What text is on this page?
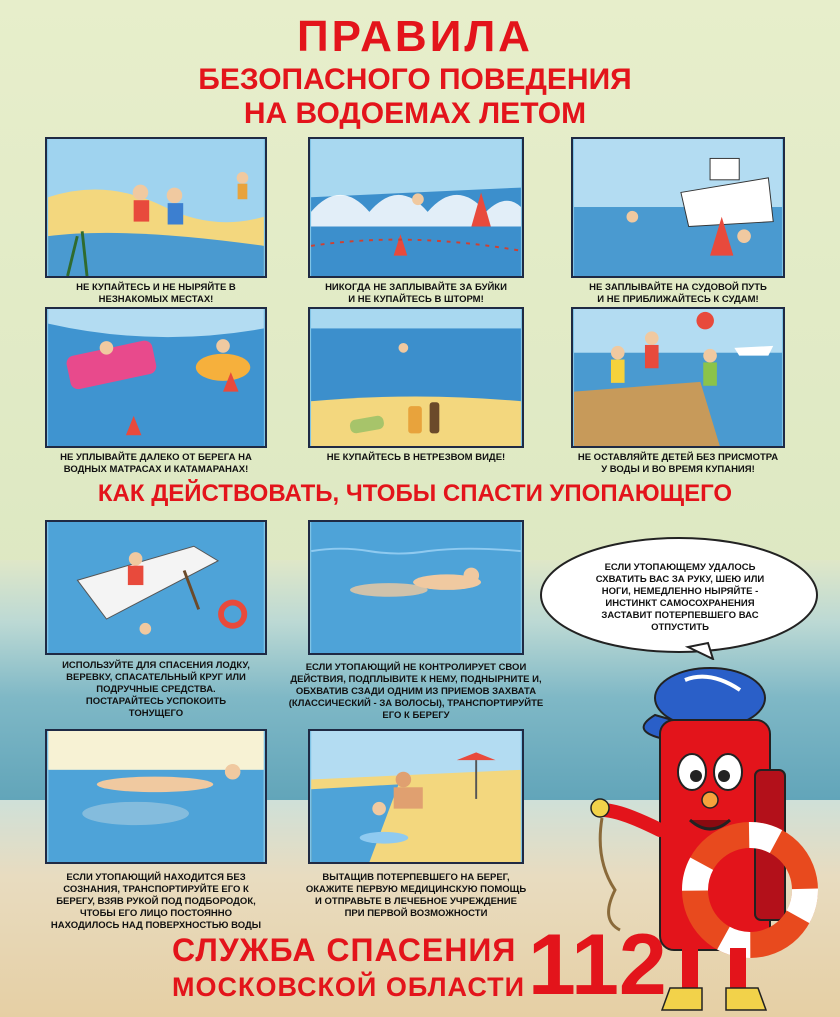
ПРАВИЛА
БЕЗОПАСНОГО ПОВЕДЕНИЯ
НА ВОДОЕМАХ ЛЕТОМ
НЕ КУПАЙТЕСЬ И НЕ НЫРЯЙТЕ В
НЕЗНАКОМЫХ МЕСТАХ!
НИКОГДА НЕ ЗАПЛЫВАЙТЕ ЗА БУЙКИ
И НЕ КУПАЙТЕСЬ В ШТОРМ!
НЕ ЗАПЛЫВАЙТЕ НА СУДОВОЙ ПУТЬ
И НЕ ПРИБЛИЖАЙТЕСЬ К СУДАМ!
НЕ УПЛЫВАЙТЕ ДАЛЕКО ОТ БЕРЕГА НА
ВОДНЫХ МАТРАСАХ И КАТАМАРАНАХ!
НЕ КУПАЙТЕСЬ В НЕТРЕЗВОМ ВИДЕ!	НЕ ОСТАВЛЯЙТЕ ДЕТЕЙ БЕЗ ПРИСМОТРА
У ВОДЫ И ВО ВРЕМЯ КУПАНИЯ!
КАК ДЕЙСТВОВАТЬ, ЧТОБЫ СПАСТИ УПОПАЮЩЕГО
ИСПОЛЬЗУЙТЕ ДЛЯ СПАСЕНИЯ ЛОДКУ,
ВЕРЕВКУ, СПАСАТЕЛЬНЫЙ КРУГ ИЛИ
ПОДРУЧНЫЕ СРЕДСТВА.
ПОСТАРАЙТЕСЬ УСПОКОИТЬ
ТОНУЩЕГО
ЕСЛИ УТОПАЮЩИЙ НЕ КОНТРОЛИРУЕТ СВОИ
ДЕЙСТВИЯ, ПОДПЛЫВИТЕ К НЕМУ, ПОДНЫРНИТЕ И,
ОБХВАТИВ СЗАДИ ОДНИМ ИЗ ПРИЕМОВ ЗАХВАТА
(КЛАССИЧЕСКИЙ - ЗА ВОЛОСЫ), ТРАНСПОРТИРУЙТЕ
ЕГО К БЕРЕГУ
ЕСЛИ УТОПАЮЩИЙ НАХОДИТСЯ БЕЗ
СОЗНАНИЯ, ТРАНСПОРТИРУЙТЕ ЕГО К
БЕРЕГУ, ВЗЯВ РУКОЙ ПОД ПОДБОРОДОК,
ЧТОБЫ ЕГО ЛИЦО ПОСТОЯННО
НАХОДИЛОСЬ НАД ПОВЕРХНОСТЬЮ ВОДЫ
ВЫТАЩИВ ПОТЕРПЕВШЕГО НА БЕРЕГ,
ОКАЖИТЕ ПЕРВУЮ МЕДИЦИНСКУЮ ПОМОЩЬ
И ОТПРАВЬТЕ В ЛЕЧЕБНОЕ УЧРЕЖДЕНИЕ
ПРИ ПЕРВОЙ ВОЗМОЖНОСТИ
ЕСЛИ УТОПАЮЩЕМУ УДАЛОСЬ
СХВАТИТЬ ВАС ЗА РУКУ, ШЕЮ ИЛИ
НОГИ, НЕМЕДЛЕННО НЫРЯЙТЕ -
ИНСТИНКТ САМОСОХРАНЕНИЯ
ЗАСТАВИТ ПОТЕРПЕВШЕГО ВАС
ОТПУСТИТЬ
СЛУЖБА СПАСЕНИЯ
МОСКОВСКОЙ ОБЛАСТИ 112
